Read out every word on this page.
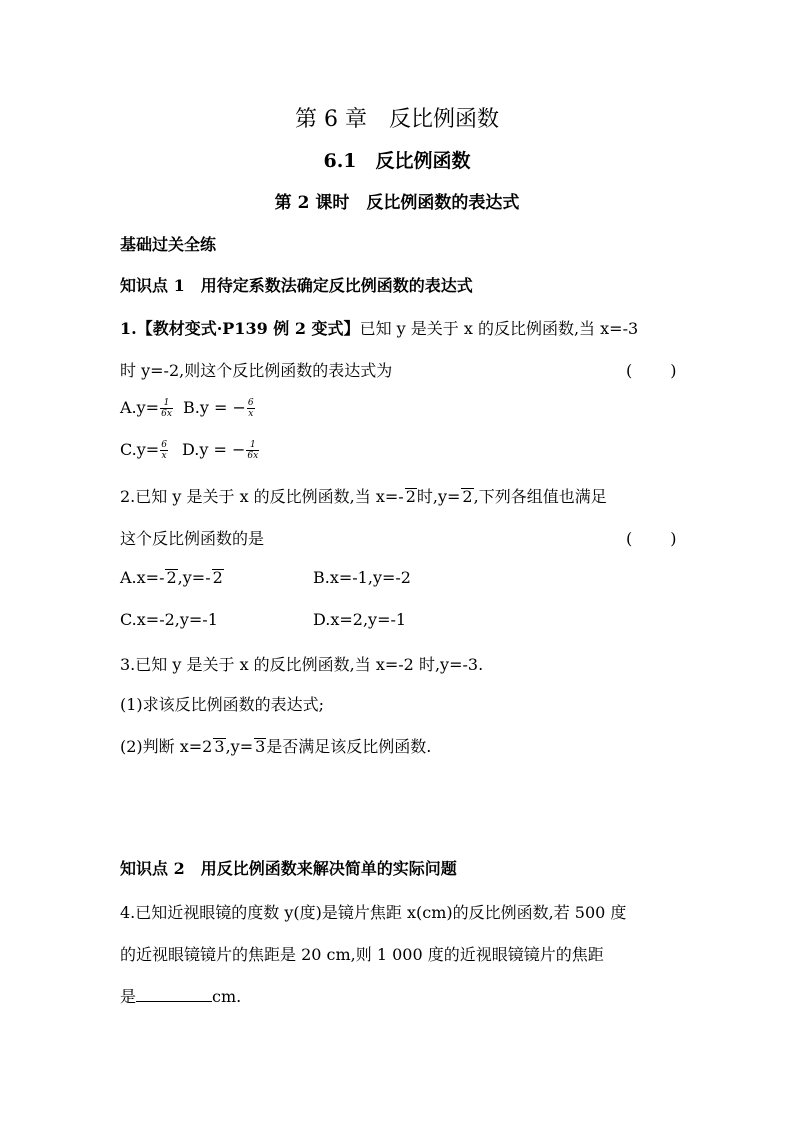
第 6 章　反比例函数
6.1　反比例函数
第 2 课时　反比例函数的表达式
基础过关全练
知识点 1　用待定系数法确定反比例函数的表达式
1.【教材变式·P139 例 2 变式】已知 y 是关于 x 的反比例函数,当 x=-3
时 y=-2,则这个反比例函数的表达式为	(　　)
$A.y= \frac{1}{6x} B.y$ = − $\frac{6}{x}$
$C.y= \frac{6}{x} D.y$ = − $\frac{1}{6x}$
2.已知 y 是关于 x 的反比例函数,当 x=- 2时,y= 2,下列各组值也满足
这个反比例函数的是	(　　)
A.x=- 2,y=- 2	B.x=-1,y=-2
C.x=-2,y=-1	D.x=2,y=-1
3.已知 y 是关于 x 的反比例函数,当 x=-2 时,y=-3.
(1)求该反比例函数的表达式;
(2)判断 x=2 3,y= 3是否满足该反比例函数.
知识点 2　用反比例函数来解决简单的实际问题
4.已知近视眼镜的度数 y(度)是镜片焦距 x(cm)的反比例函数,若 500 度
的近视眼镜镜片的焦距是 20 cm,则 1 000 度的近视眼镜镜片的焦距
是	cm.
